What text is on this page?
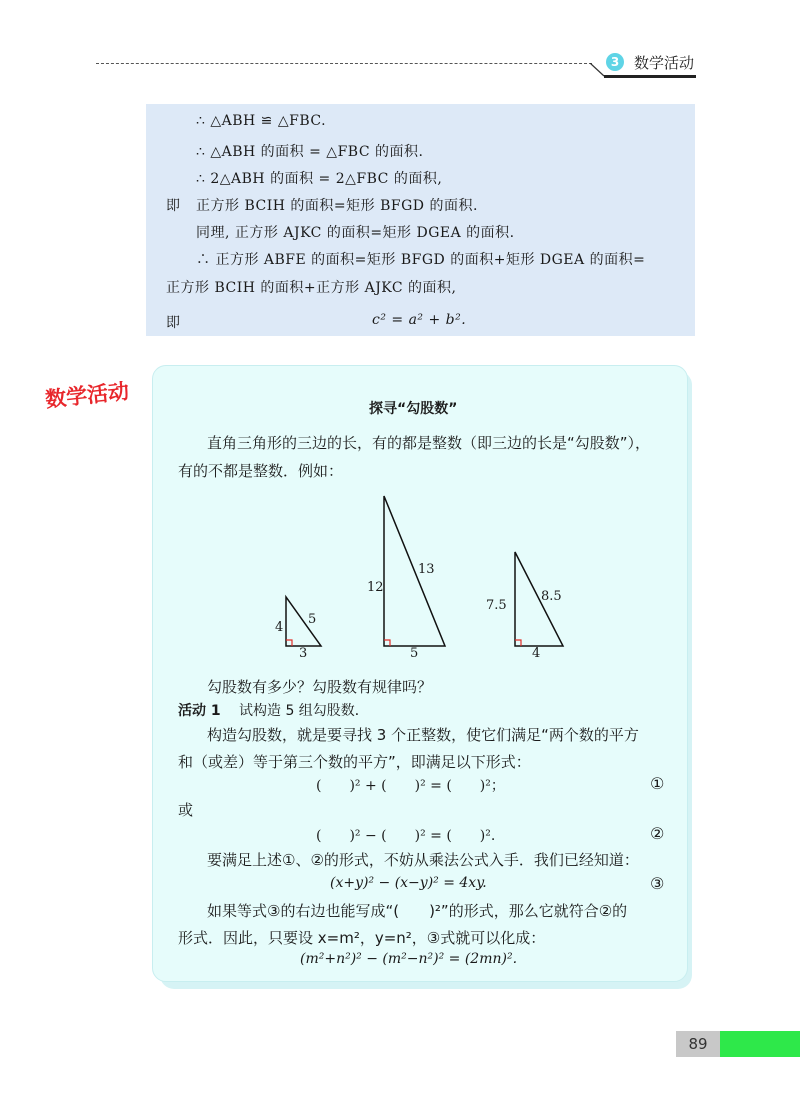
3 数学活动
∴ △ABH ≌ △FBC.
∴ △ABH 的面积 = △FBC 的面积.
∴ 2△ABH 的面积 = 2△FBC 的面积,
即 正方形 BCIH 的面积=矩形 BFGD 的面积.
同理, 正方形 AJKC 的面积=矩形 DGEA 的面积.
∴ 正方形 ABFE 的面积=矩形 BFGD 的面积+矩形 DGEA 的面积=
正方形 BCIH 的面积+正方形 AJKC 的面积,
即	c² = a² + b².
数学活动	探寻“勾股数”
直角三角形的三边的长，有的都是整数（即三边的长是“勾股数”），
有的不都是整数．例如：
4
5
3
12
13
5
7.5
8.5
4
勾股数有多少？勾股数有规律吗？
活动 1 试构造 5 组勾股数．
构造勾股数，就是要寻找 3 个正整数，使它们满足“两个数的平方
和（或差）等于第三个数的平方”，即满足以下形式：
(　　)² + (　　)² = (　　)²；	①
或
(　　)² − (　　)² = (　　)².	②
要满足上述①、②的形式，不妨从乘法公式入手．我们已经知道：
(x+y)² − (x−y)² = 4xy.	③
如果等式③的右边也能写成“(　　)²”的形式，那么它就符合②的
形式．因此，只要设 x=m²，y=n²，③式就可以化成：
(m²+n²)² − (m²−n²)² = (2mn)².
89
